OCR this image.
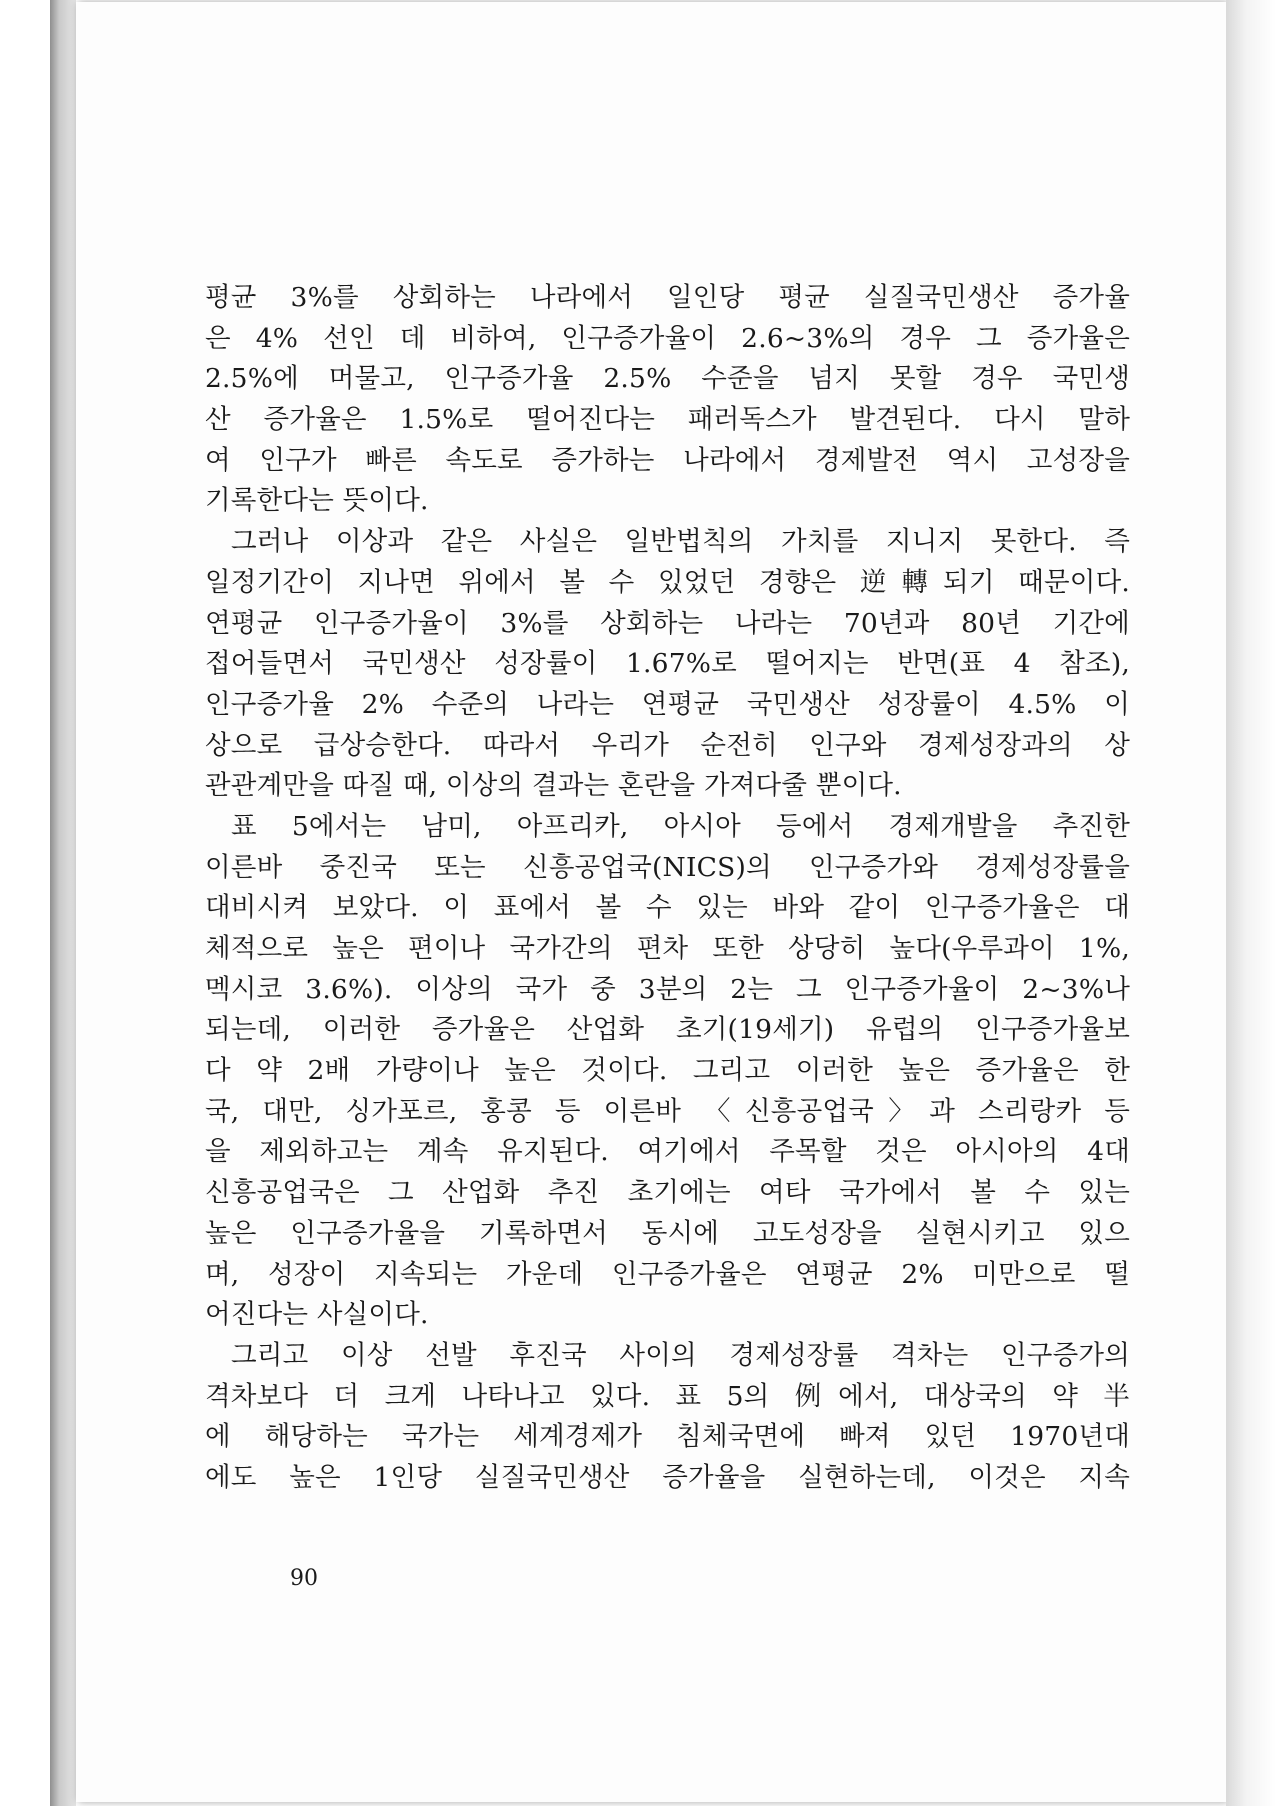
평균 3%를 상회하는 나라에서 일인당 평균 실질국민생산 증가율
은 4% 선인 데 비하여, 인구증가율이 2.6~3%의 경우 그 증가율은
2.5%에 머물고, 인구증가율 2.5% 수준을 넘지 못할 경우 국민생
산 증가율은 1.5%로 떨어진다는 패러독스가 발견된다. 다시 말하
여 인구가 빠른 속도로 증가하는 나라에서 경제발전 역시 고성장을
기록한다는 뜻이다.
그러나 이상과 같은 사실은 일반법칙의 가치를 지니지 못한다. 즉
일정기간이 지나면 위에서 볼 수 있었던 경향은 逆轉되기 때문이다.
연평균 인구증가율이 3%를 상회하는 나라는 70년과 80년 기간에
접어들면서 국민생산 성장률이 1.67%로 떨어지는 반면(표 4 참조),
인구증가율 2% 수준의 나라는 연평균 국민생산 성장률이 4.5% 이
상으로 급상승한다. 따라서 우리가 순전히 인구와 경제성장과의 상
관관계만을 따질 때, 이상의 결과는 혼란을 가져다줄 뿐이다.
표 5에서는 남미, 아프리카, 아시아 등에서 경제개발을 추진한
이른바 중진국 또는 신흥공업국(NICS)의 인구증가와 경제성장률을
대비시켜 보았다. 이 표에서 볼 수 있는 바와 같이 인구증가율은 대
체적으로 높은 편이나 국가간의 편차 또한 상당히 높다(우루과이 1%,
멕시코 3.6%). 이상의 국가 중 3분의 2는 그 인구증가율이 2~3%나
되는데, 이러한 증가율은 산업화 초기(19세기) 유럽의 인구증가율보
다 약 2배 가량이나 높은 것이다. 그리고 이러한 높은 증가율은 한
국, 대만, 싱가포르, 홍콩 등 이른바 〈신흥공업국〉과 스리랑카 등
을 제외하고는 계속 유지된다. 여기에서 주목할 것은 아시아의 4대
신흥공업국은 그 산업화 추진 초기에는 여타 국가에서 볼 수 있는
높은 인구증가율을 기록하면서 동시에 고도성장을 실현시키고 있으
며, 성장이 지속되는 가운데 인구증가율은 연평균 2% 미만으로 떨
어진다는 사실이다.
그리고 이상 선발 후진국 사이의 경제성장률 격차는 인구증가의
격차보다 더 크게 나타나고 있다. 표 5의 例에서, 대상국의 약 半
에 해당하는 국가는 세계경제가 침체국면에 빠져 있던 1970년대
에도 높은 1인당 실질국민생산 증가율을 실현하는데, 이것은 지속
90
